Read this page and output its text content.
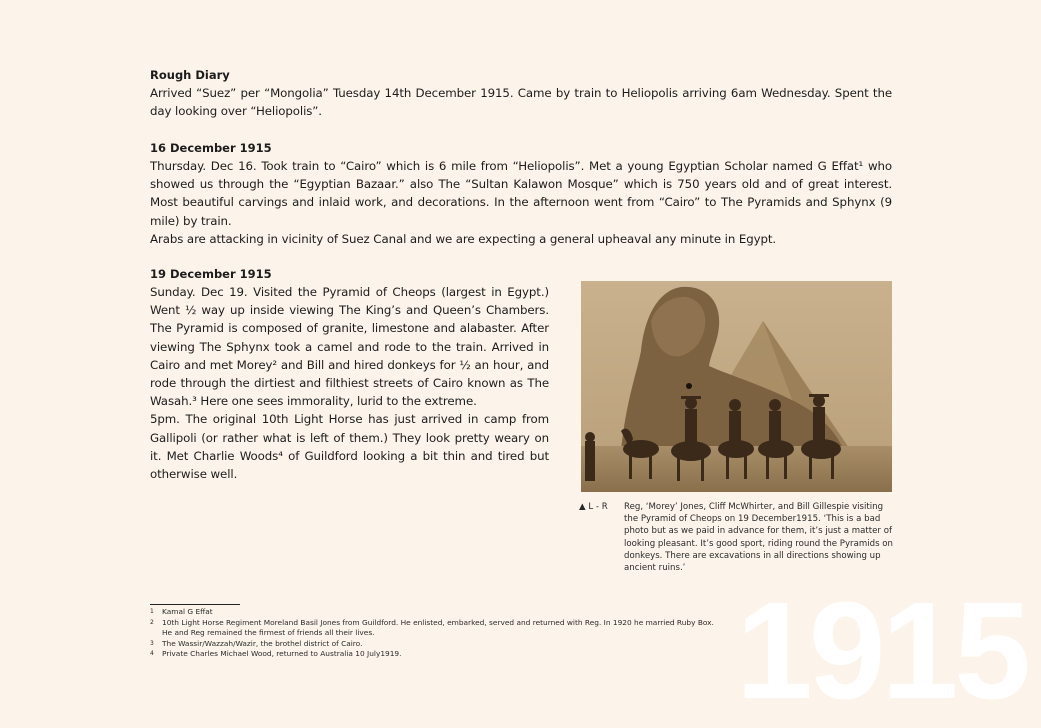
1915

Rough Diary

Arrived “Suez” per “Mongolia” Tuesday 14th December 1915. Came by train to Heliopolis arriving 6am Wednesday. Spent the day looking over “Heliopolis”.

16 December 1915

Thursday. Dec 16. Took train to “Cairo” which is 6 mile from “Heliopolis”. Met a young Egyptian Scholar named G Effat¹ who showed us through the “Egyptian Bazaar.” also The “Sultan Kalawon Mosque” which is 750 years old and of great interest. Most beautiful carvings and inlaid work, and decorations. In the afternoon went from “Cairo” to The Pyramids and Sphynx (9 mile) by train.

Arabs are attacking in vicinity of Suez Canal and we are expecting a general upheaval any minute in Egypt.

19 December 1915

Sunday. Dec 19. Visited the Pyramid of Cheops (largest in Egypt.) Went ½ way up inside viewing The King’s and Queen’s Chambers. The Pyramid is composed of granite, limestone and alabaster. After viewing The Sphynx took a camel and rode to the train. Arrived in Cairo and met Morey² and Bill and hired donkeys for ½ an hour, and rode through the dirtiest and filthiest streets of Cairo known as The Wasah.³ Here one sees immorality, lurid to the extreme.

5pm. The original 10th Light Horse has just arrived in camp from Gallipoli (or rather what is left of them.) They look pretty weary on it. Met Charlie Woods⁴ of Guildford looking a bit thin and tired but otherwise well.

▲ L - R	Reg, ‘Morey’ Jones, Cliff McWhirter, and Bill Gillespie visiting the Pyramid of Cheops on 19 December1915. ‘This is a bad photo but as we paid in advance for them, it’s just a matter of looking pleasant. It’s good sport, riding round the Pyramids on donkeys. There are excavations in all directions showing up ancient ruins.’
1	Kamal G Effat
2	10th Light Horse Regiment Moreland Basil Jones from Guildford. He enlisted, embarked, served and returned with Reg. In 1920 he married Ruby Box.
He and Reg remained the firmest of friends all their lives.
3	The Wassir/Wazzah/Wazir, the brothel district of Cairo.
4	Private Charles Michael Wood, returned to Australia 10 July1919.
